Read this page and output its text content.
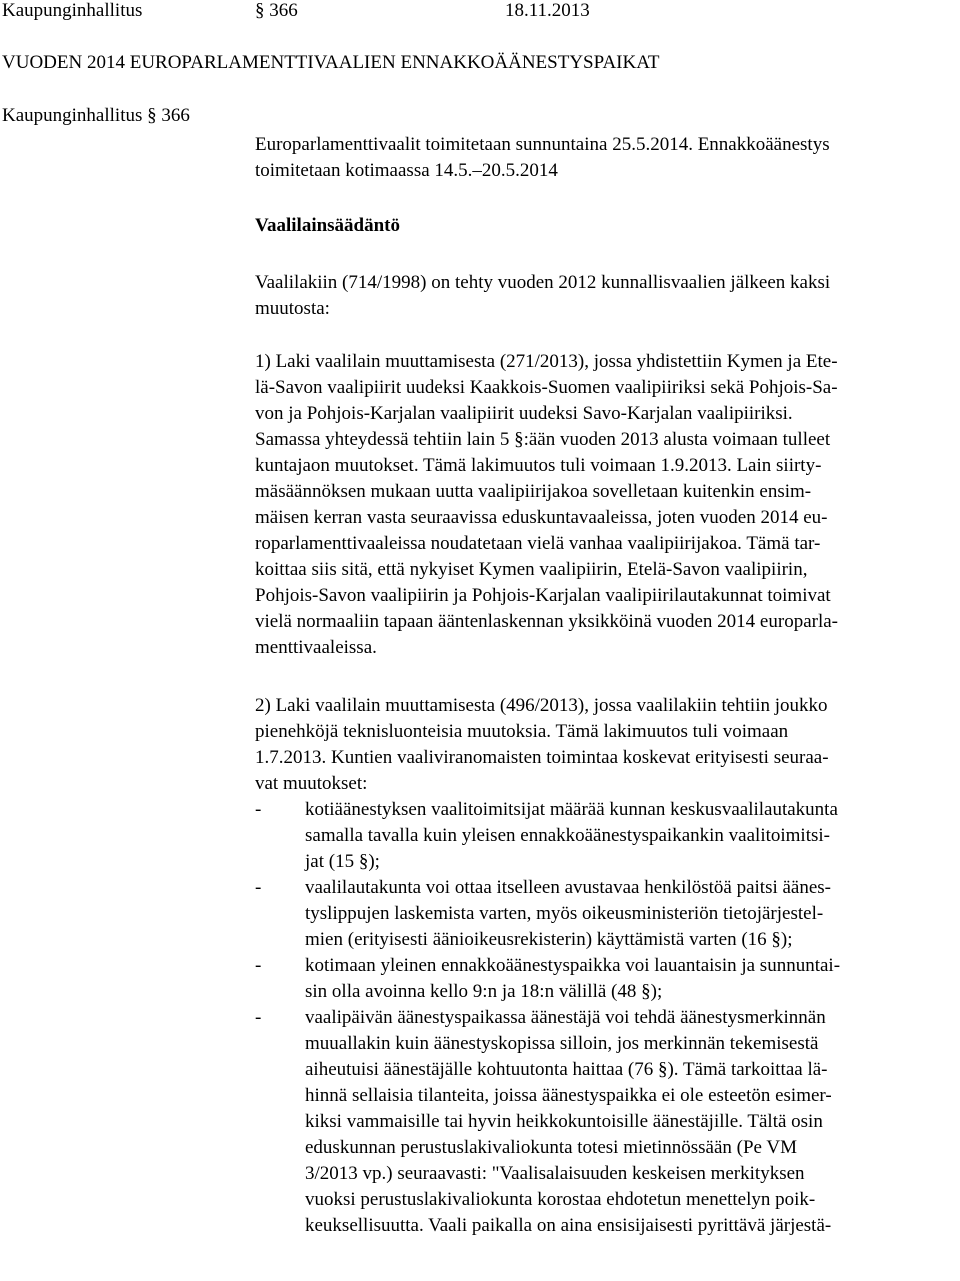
Kaupunginhallitus	§ 366	18.11.2013
VUODEN 2014 EUROPARLAMENTTIVAALIEN ENNAKKOÄÄNESTYSPAIKAT
Kaupunginhallitus § 366
Europarlamenttivaalit toimitetaan sunnuntaina 25.5.2014. Ennakkoäänestys
toimitetaan kotimaassa 14.5.–20.5.2014
Vaalilainsäädäntö
Vaalilakiin (714/1998) on tehty vuoden 2012 kunnallisvaalien jälkeen kaksi
muutosta:
1) Laki vaalilain muuttamisesta (271/2013), jossa yhdistettiin Kymen ja Ete-
lä-Savon vaalipiirit uudeksi Kaakkois-Suomen vaalipiiriksi sekä Pohjois-Sa-
von ja Pohjois-Karjalan vaalipiirit uudeksi Savo-Karjalan vaalipiiriksi.
Samassa yhteydessä tehtiin lain 5 §:ään vuoden 2013 alusta voimaan tulleet
kuntajaon muutokset. Tämä lakimuutos tuli voimaan 1.9.2013. Lain siirty-
mäsäännöksen mukaan uutta vaalipiirijakoa sovelletaan kuitenkin ensim-
mäisen kerran vasta seuraavissa eduskuntavaaleissa, joten vuoden 2014 eu-
roparlamenttivaaleissa noudatetaan vielä vanhaa vaalipiirijakoa. Tämä tar-
koittaa siis sitä, että nykyiset Kymen vaalipiirin, Etelä-Savon vaalipiirin,
Pohjois-Savon vaalipiirin ja Pohjois-Karjalan vaalipiirilautakunnat toimivat
vielä normaaliin tapaan ääntenlaskennan yksikköinä vuoden 2014 europarla-
menttivaaleissa.
2) Laki vaalilain muuttamisesta (496/2013), jossa vaalilakiin tehtiin joukko
pienehköjä teknisluonteisia muutoksia. Tämä lakimuutos tuli voimaan
1.7.2013. Kuntien vaaliviranomaisten toimintaa koskevat erityisesti seuraa-
vat muutokset:
- kotiäänestyksen vaalitoimitsijat määrää kunnan keskusvaalilautakunta
samalla tavalla kuin yleisen ennakkoäänestyspaikankin vaalitoimitsi-
jat (15 §);
- vaalilautakunta voi ottaa itselleen avustavaa henkilöstöä paitsi äänes-
tyslippujen laskemista varten, myös oikeusministeriön tietojärjestel-
mien (erityisesti äänioikeusrekisterin) käyttämistä varten (16 §);
- kotimaan yleinen ennakkoäänestyspaikka voi lauantaisin ja sunnuntai-
sin olla avoinna kello 9:n ja 18:n välillä (48 §);
- vaalipäivän äänestyspaikassa äänestäjä voi tehdä äänestysmerkinnän
muuallakin kuin äänestyskopissa silloin, jos merkinnän tekemisestä
aiheutuisi äänestäjälle kohtuutonta haittaa (76 §). Tämä tarkoittaa lä-
hinnä sellaisia tilanteita, joissa äänestyspaikka ei ole esteetön esimer-
kiksi vammaisille tai hyvin heikkokuntoisille äänestäjille. Tältä osin
eduskunnan perustuslakivaliokunta totesi mietinnössään (Pe VM
3/2013 vp.) seuraavasti: "Vaalisalaisuuden keskeisen merkityksen
vuoksi perustuslakivaliokunta korostaa ehdotetun menettelyn poik-
keuksellisuutta. Vaali paikalla on aina ensisijaisesti pyrittävä järjestä-
